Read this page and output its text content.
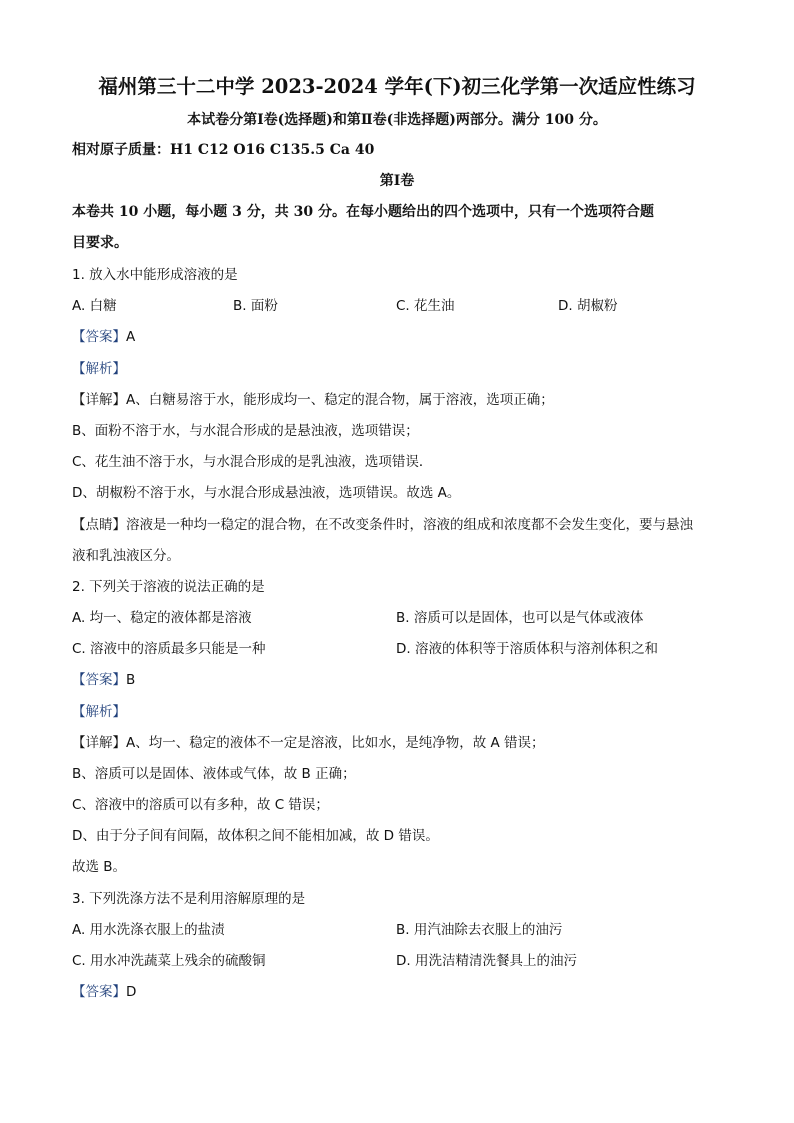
福州第三十二中学 2023-2024 学年(下)初三化学第一次适应性练习
本试卷分第Ⅰ卷(选择题)和第Ⅱ卷(非选择题)两部分。满分 100 分。
相对原子质量：H1 C12 O16 C135.5 Ca 40
第Ⅰ卷
本卷共 10 小题，每小题 3 分，共 30 分。在每小题给出的四个选项中，只有一个选项符合题
目要求。
1. 放入水中能形成溶液的是
A. 白糖	B. 面粉	C. 花生油	D. 胡椒粉
【答案】A
【解析】
【详解】A、白糖易溶于水，能形成均一、稳定的混合物，属于溶液，选项正确；
B、面粉不溶于水，与水混合形成的是悬浊液，选项错误；
C、花生油不溶于水，与水混合形成的是乳浊液，选项错误．
D、胡椒粉不溶于水，与水混合形成悬浊液，选项错误。故选 A。
【点睛】溶液是一种均一稳定的混合物，在不改变条件时，溶液的组成和浓度都不会发生变化，要与悬浊
液和乳浊液区分。
2. 下列关于溶液的说法正确的是
A. 均一、稳定的液体都是溶液	B. 溶质可以是固体，也可以是气体或液体
C. 溶液中的溶质最多只能是一种	D. 溶液的体积等于溶质体积与溶剂体积之和
【答案】B
【解析】
【详解】A、均一、稳定的液体不一定是溶液，比如水，是纯净物，故 A 错误；
B、溶质可以是固体、液体或气体，故 B 正确；
C、溶液中的溶质可以有多种，故 C 错误；
D、由于分子间有间隔，故体积之间不能相加减，故 D 错误。
故选 B。
3. 下列洗涤方法不是利用溶解原理的是
A. 用水洗涤衣服上的盐渍	B. 用汽油除去衣服上的油污
C. 用水冲洗蔬菜上残余的硫酸铜	D. 用洗洁精清洗餐具上的油污
【答案】D
